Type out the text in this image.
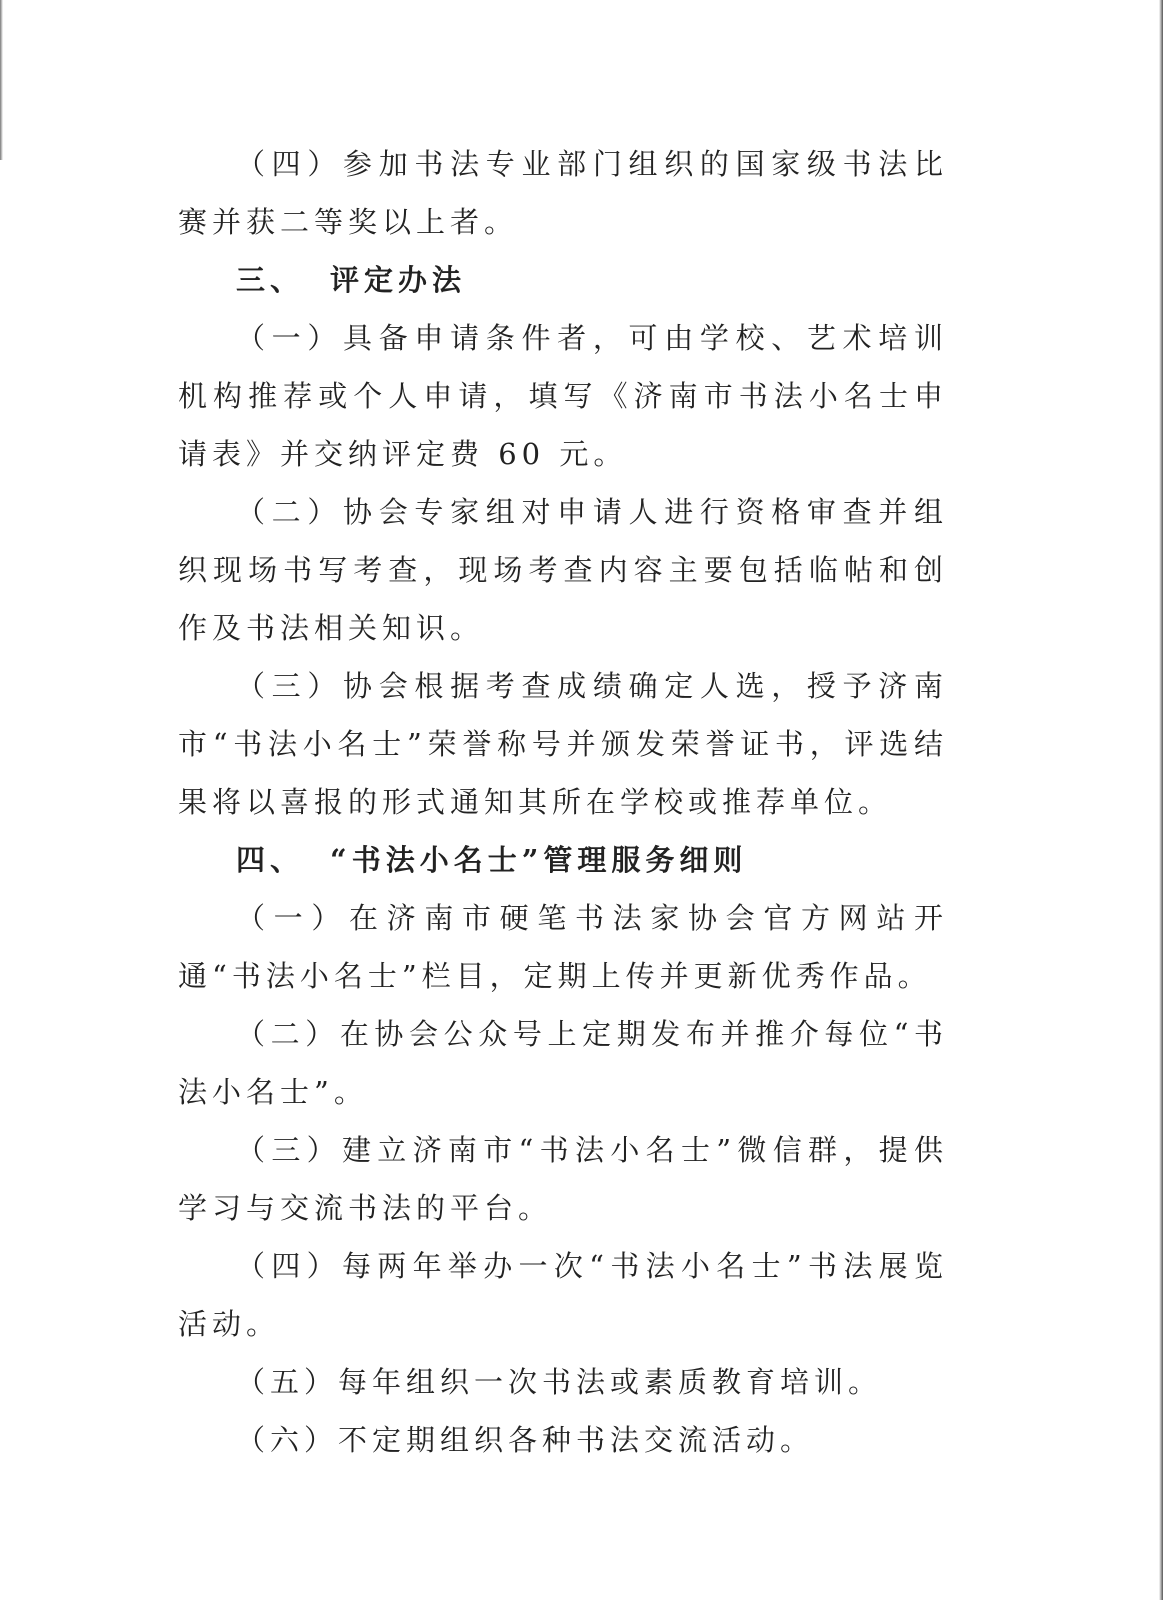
（四）参加书法专业部门组织的国家级书法比赛并获二等奖以上者。

三、 评定办法

（一）具备申请条件者，可由学校、艺术培训机构推荐或个人申请，填写《济南市书法小名士申请表》并交纳评定费 60 元。

（二）协会专家组对申请人进行资格审查并组织现场书写考查，现场考查内容主要包括临帖和创作及书法相关知识。

（三）协会根据考查成绩确定人选，授予济南市“书法小名士”荣誉称号并颁发荣誉证书，评选结果将以喜报的形式通知其所在学校或推荐单位。

四、 “书法小名士”管理服务细则

（一）在济南市硬笔书法家协会官方网站开通“书法小名士”栏目，定期上传并更新优秀作品。

（二）在协会公众号上定期发布并推介每位“书法小名士”。

（三）建立济南市“书法小名士”微信群，提供学习与交流书法的平台。

（四）每两年举办一次“书法小名士”书法展览活动。

（五）每年组织一次书法或素质教育培训。

（六）不定期组织各种书法交流活动。
